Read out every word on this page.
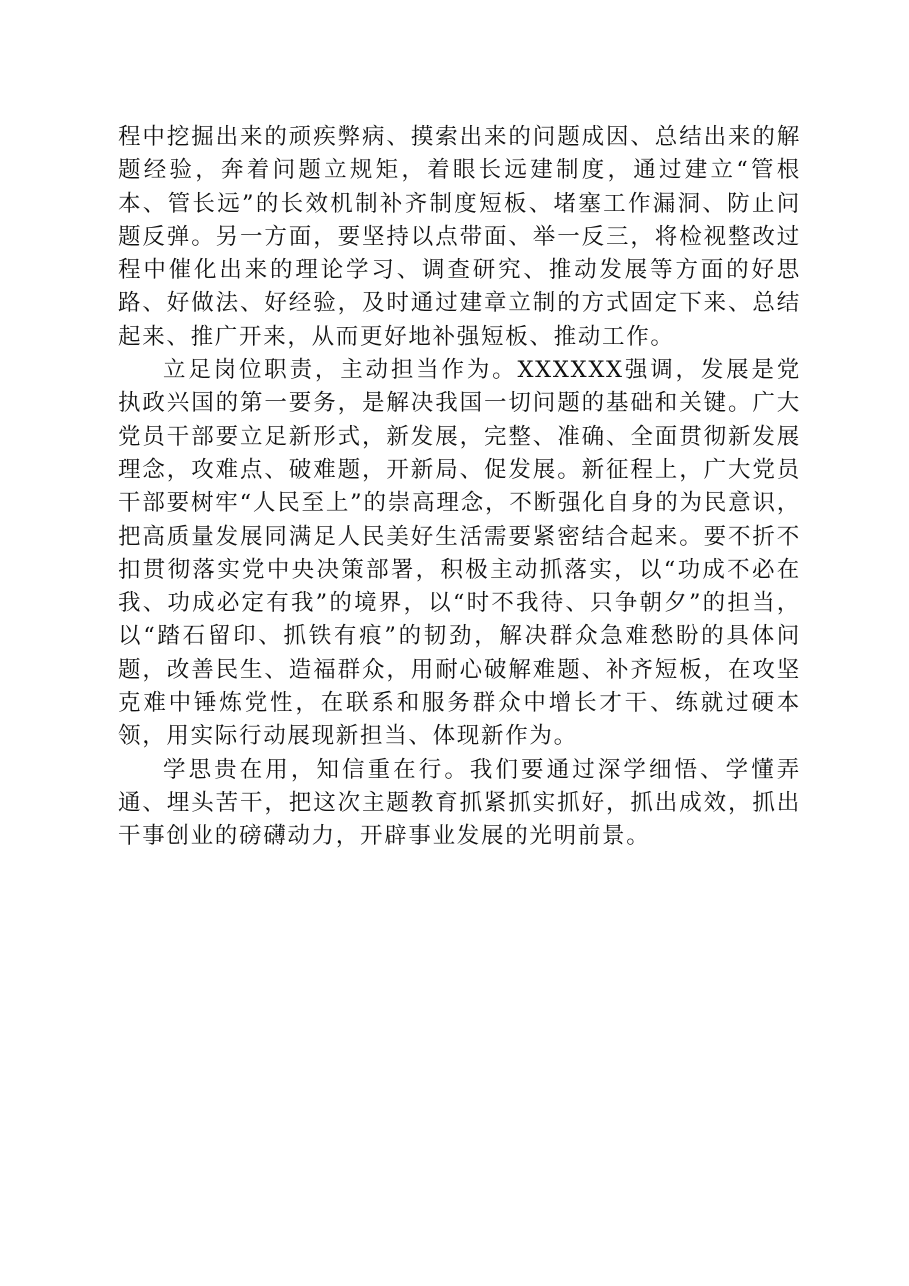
程中挖掘出来的顽疾弊病、摸索出来的问题成因、总结出来的解题经验，奔着问题立规矩，着眼长远建制度，通过建立“管根本、管长远”的长效机制补齐制度短板、堵塞工作漏洞、防止问题反弹。另一方面，要坚持以点带面、举一反三，将检视整改过程中催化出来的理论学习、调查研究、推动发展等方面的好思路、好做法、好经验，及时通过建章立制的方式固定下来、总结起来、推广开来，从而更好地补强短板、推动工作。

立足岗位职责，主动担当作为。XXXXXX强调，发展是党执政兴国的第一要务，是解决我国一切问题的基础和关键。广大党员干部要立足新形式，新发展，完整、准确、全面贯彻新发展理念，攻难点、破难题，开新局、促发展。新征程上，广大党员干部要树牢“人民至上”的崇高理念，不断强化自身的为民意识，把高质量发展同满足人民美好生活需要紧密结合起来。要不折不扣贯彻落实党中央决策部署，积极主动抓落实，以“功成不必在我、功成必定有我”的境界，以“时不我待、只争朝夕”的担当，以“踏石留印、抓铁有痕”的韧劲，解决群众急难愁盼的具体问题，改善民生、造福群众，用耐心破解难题、补齐短板，在攻坚克难中锤炼党性，在联系和服务群众中增长才干、练就过硬本领，用实际行动展现新担当、体现新作为。

学思贵在用，知信重在行。我们要通过深学细悟、学懂弄通、埋头苦干，把这次主题教育抓紧抓实抓好，抓出成效，抓出干事创业的磅礴动力，开辟事业发展的光明前景。
